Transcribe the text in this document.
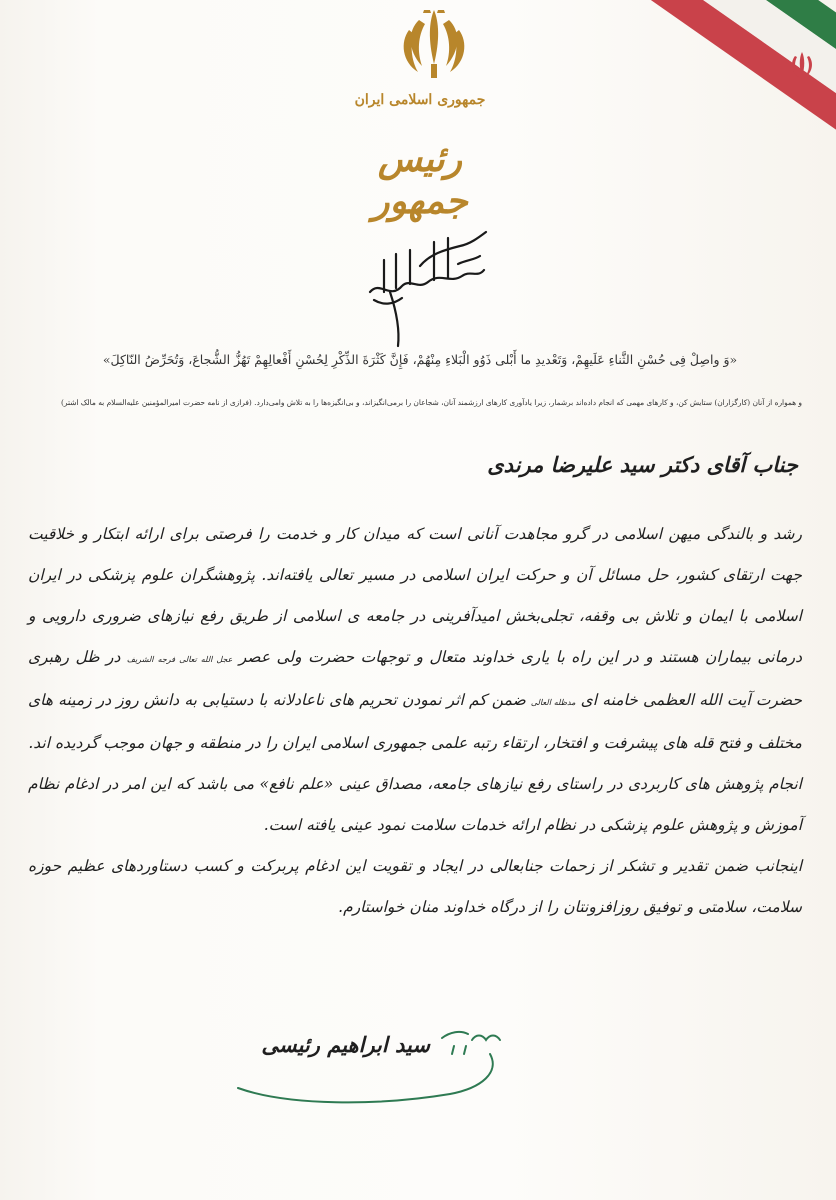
جمهوری اسلامی ایران
رئیس جمهور
«وَ واصِلْ فِی حُسْنِ الثَّناءِ عَلَیهِمْ، وَتَعْدیدِ ما أَبْلی ذَوُو الْبَلاءِ مِنْهُمْ، فَإِنَّ کَثْرَةَ الذِّکْرِ لِحُسْنِ أَفْعالِهِمْ تَهُزُّ الشُّجاعَ، وَتُحَرِّضُ النّاکِلَ»
و همواره از آنان (کارگزاران) ستایش کن، و کارهای مهمی که انجام داده‌اند برشمار، زیرا یادآوری کارهای ارزشمند آنان، شجاعان را برمی‌انگیزاند، و بی‌انگیزه‌ها را به تلاش وامی‌دارد. (فرازی از نامه حضرت امیرالمؤمنین علیه‌السلام به مالک اشتر)
جناب آقای دکتر سید علیرضا مرندی

رشد و بالندگی میهن اسلامی در گرو مجاهدت آنانی است که میدان کار و خدمت را فرصتی برای ارائه ابتکار و خلاقیت جهت ارتقای کشور، حل مسائل آن و حرکت ایران اسلامی در مسیر تعالی یافته‌اند. پژوهشگران علوم پزشکی در ایران اسلامی با ایمان و تلاش بی وقفه، تجلی‌بخش امیدآفرینی در جامعه ی اسلامی از طریق رفع نیازهای ضروری دارویی و درمانی بیماران هستند و در این راه با یاری خداوند متعال و توجهات حضرت ولی عصر عجل الله تعالی فرجه الشریف در ظل رهبری حضرت آیت الله العظمی خامنه ای مدظله العالی ضمن کم اثر نمودن تحریم های ناعادلانه با دستیابی به دانش روز در زمینه های مختلف و فتح قله های پیشرفت و افتخار، ارتقاء رتبه علمی جمهوری اسلامی ایران را در منطقه و جهان موجب گردیده اند.

انجام پژوهش های کاربردی در راستای رفع نیازهای جامعه، مصداق عینی «علم نافع» می باشد که این امر در ادغام نظام آموزش و پژوهش علوم پزشکی در نظام ارائه خدمات سلامت نمود عینی یافته است.

اینجانب ضمن تقدیر و تشکر از زحمات جنابعالی در ایجاد و تقویت این ادغام پربرکت و کسب دستاوردهای عظیم حوزه سلامت، سلامتی و توفیق روزافزونتان را از درگاه خداوند منان خواستارم.

سید ابراهیم رئیسی
